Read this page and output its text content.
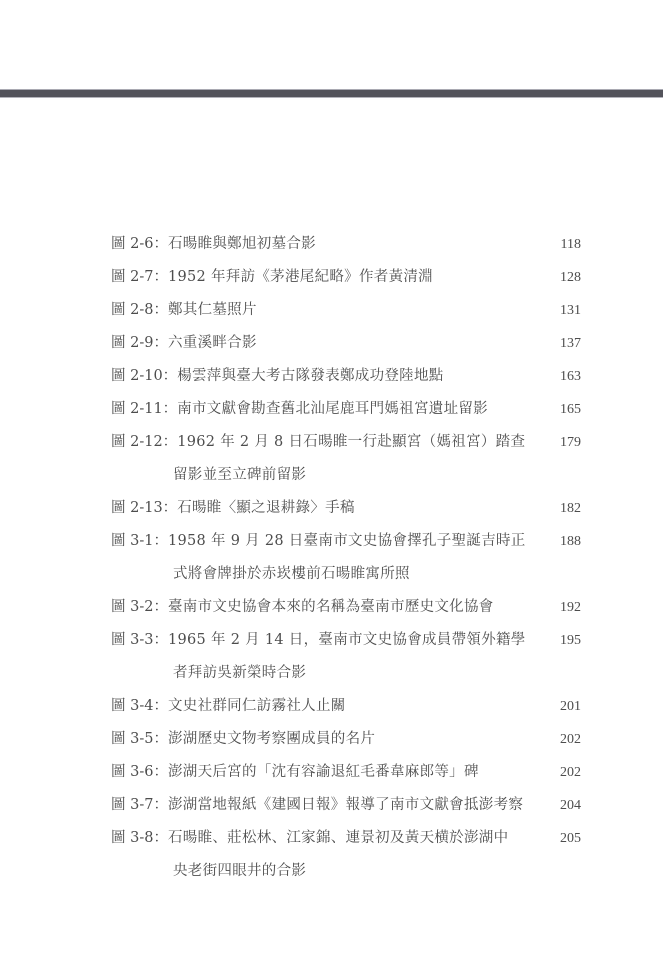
圖 2-6： 石暘睢與鄭旭初墓合影	118
圖 2-7： 1952 年拜訪《茅港尾紀略》作者黃清淵	128
圖 2-8： 鄭其仁墓照片	131
圖 2-9： 六重溪畔合影	137
圖 2-10： 楊雲萍與臺大考古隊發表鄭成功登陸地點	163
圖 2-11： 南市文獻會勘查舊北汕尾鹿耳門媽祖宮遺址留影	165
圖 2-12： 1962 年 2 月 8 日石暘睢一行赴顯宮（媽祖宮）踏查	179
留影並至立碑前留影
圖 2-13： 石暘睢〈顯之退耕錄〉手稿	182
圖 3-1： 1958 年 9 月 28 日臺南市文史協會擇孔子聖誕吉時正	188
式將會牌掛於赤崁樓前石暘睢寓所照
圖 3-2： 臺南市文史協會本來的名稱為臺南市歷史文化協會	192
圖 3-3： 1965 年 2 月 14 日，臺南市文史協會成員帶領外籍學	195
者拜訪吳新榮時合影
圖 3-4： 文史社群同仁訪霧社人止關	201
圖 3-5： 澎湖歷史文物考察團成員的名片	202
圖 3-6： 澎湖天后宮的「沈有容諭退紅毛番韋麻郎等」碑	202
圖 3-7： 澎湖當地報紙《建國日報》報導了南市文獻會抵澎考察	204
圖 3-8： 石暘睢、莊松林、江家錦、連景初及黃天横於澎湖中	205
央老街四眼井的合影
